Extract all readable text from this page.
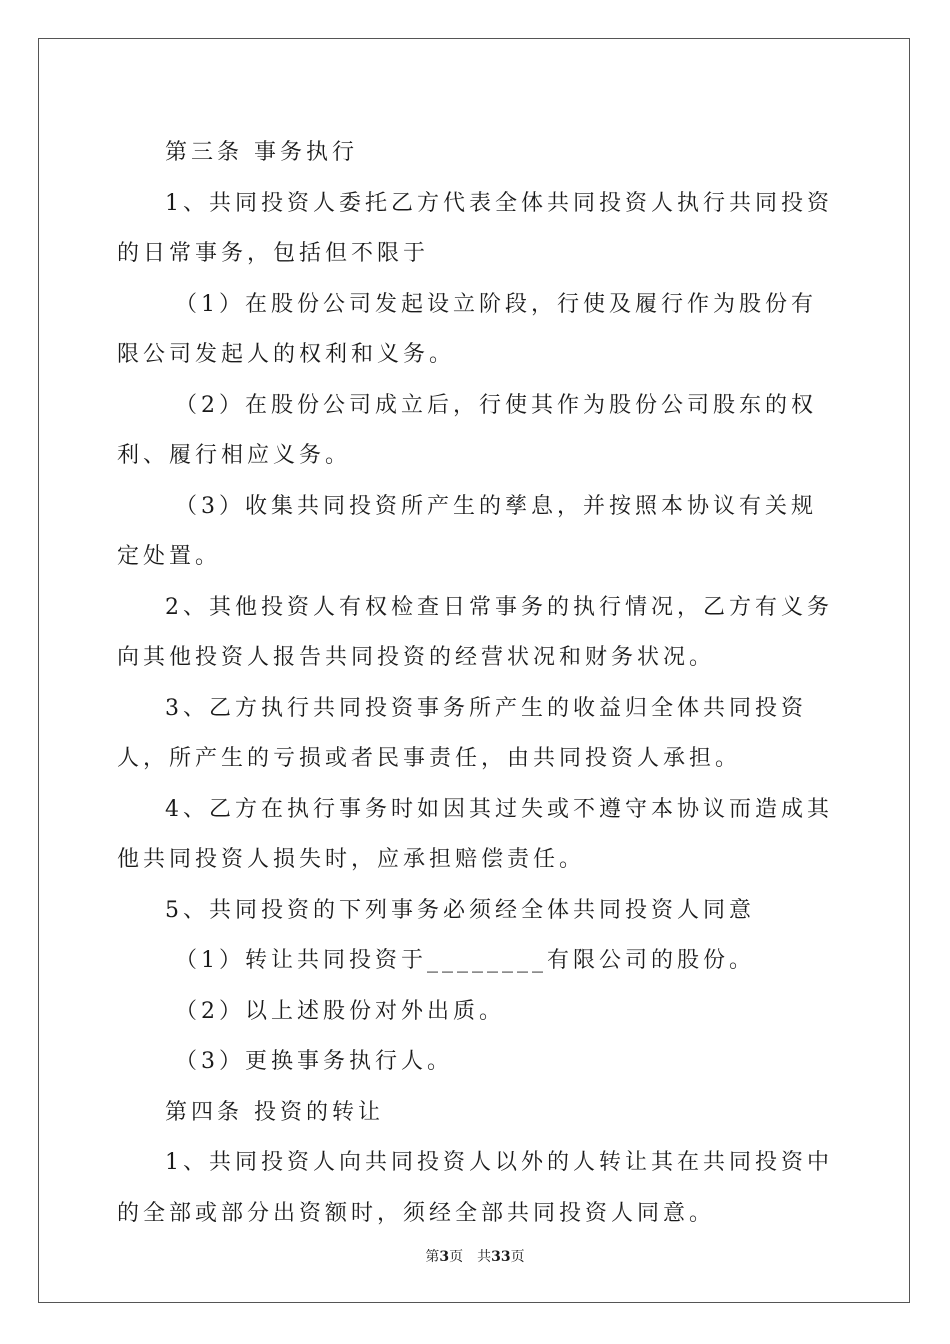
第三条 事务执行

1、共同投资人委托乙方代表全体共同投资人执行共同投资的日常事务，包括但不限于

（1）在股份公司发起设立阶段，行使及履行作为股份有限公司发起人的权利和义务。

（2）在股份公司成立后，行使其作为股份公司股东的权利、履行相应义务。

（3）收集共同投资所产生的孳息，并按照本协议有关规定处置。

2、其他投资人有权检查日常事务的执行情况，乙方有义务向其他投资人报告共同投资的经营状况和财务状况。

3、乙方执行共同投资事务所产生的收益归全体共同投资人，所产生的亏损或者民事责任，由共同投资人承担。

4、乙方在执行事务时如因其过失或不遵守本协议而造成其他共同投资人损失时，应承担赔偿责任。

5、共同投资的下列事务必须经全体共同投资人同意

（1）转让共同投资于________有限公司的股份。

（2）以上述股份对外出质。

（3）更换事务执行人。

第四条 投资的转让

1、共同投资人向共同投资人以外的人转让其在共同投资中的全部或部分出资额时，须经全部共同投资人同意。

第3页　共33页
